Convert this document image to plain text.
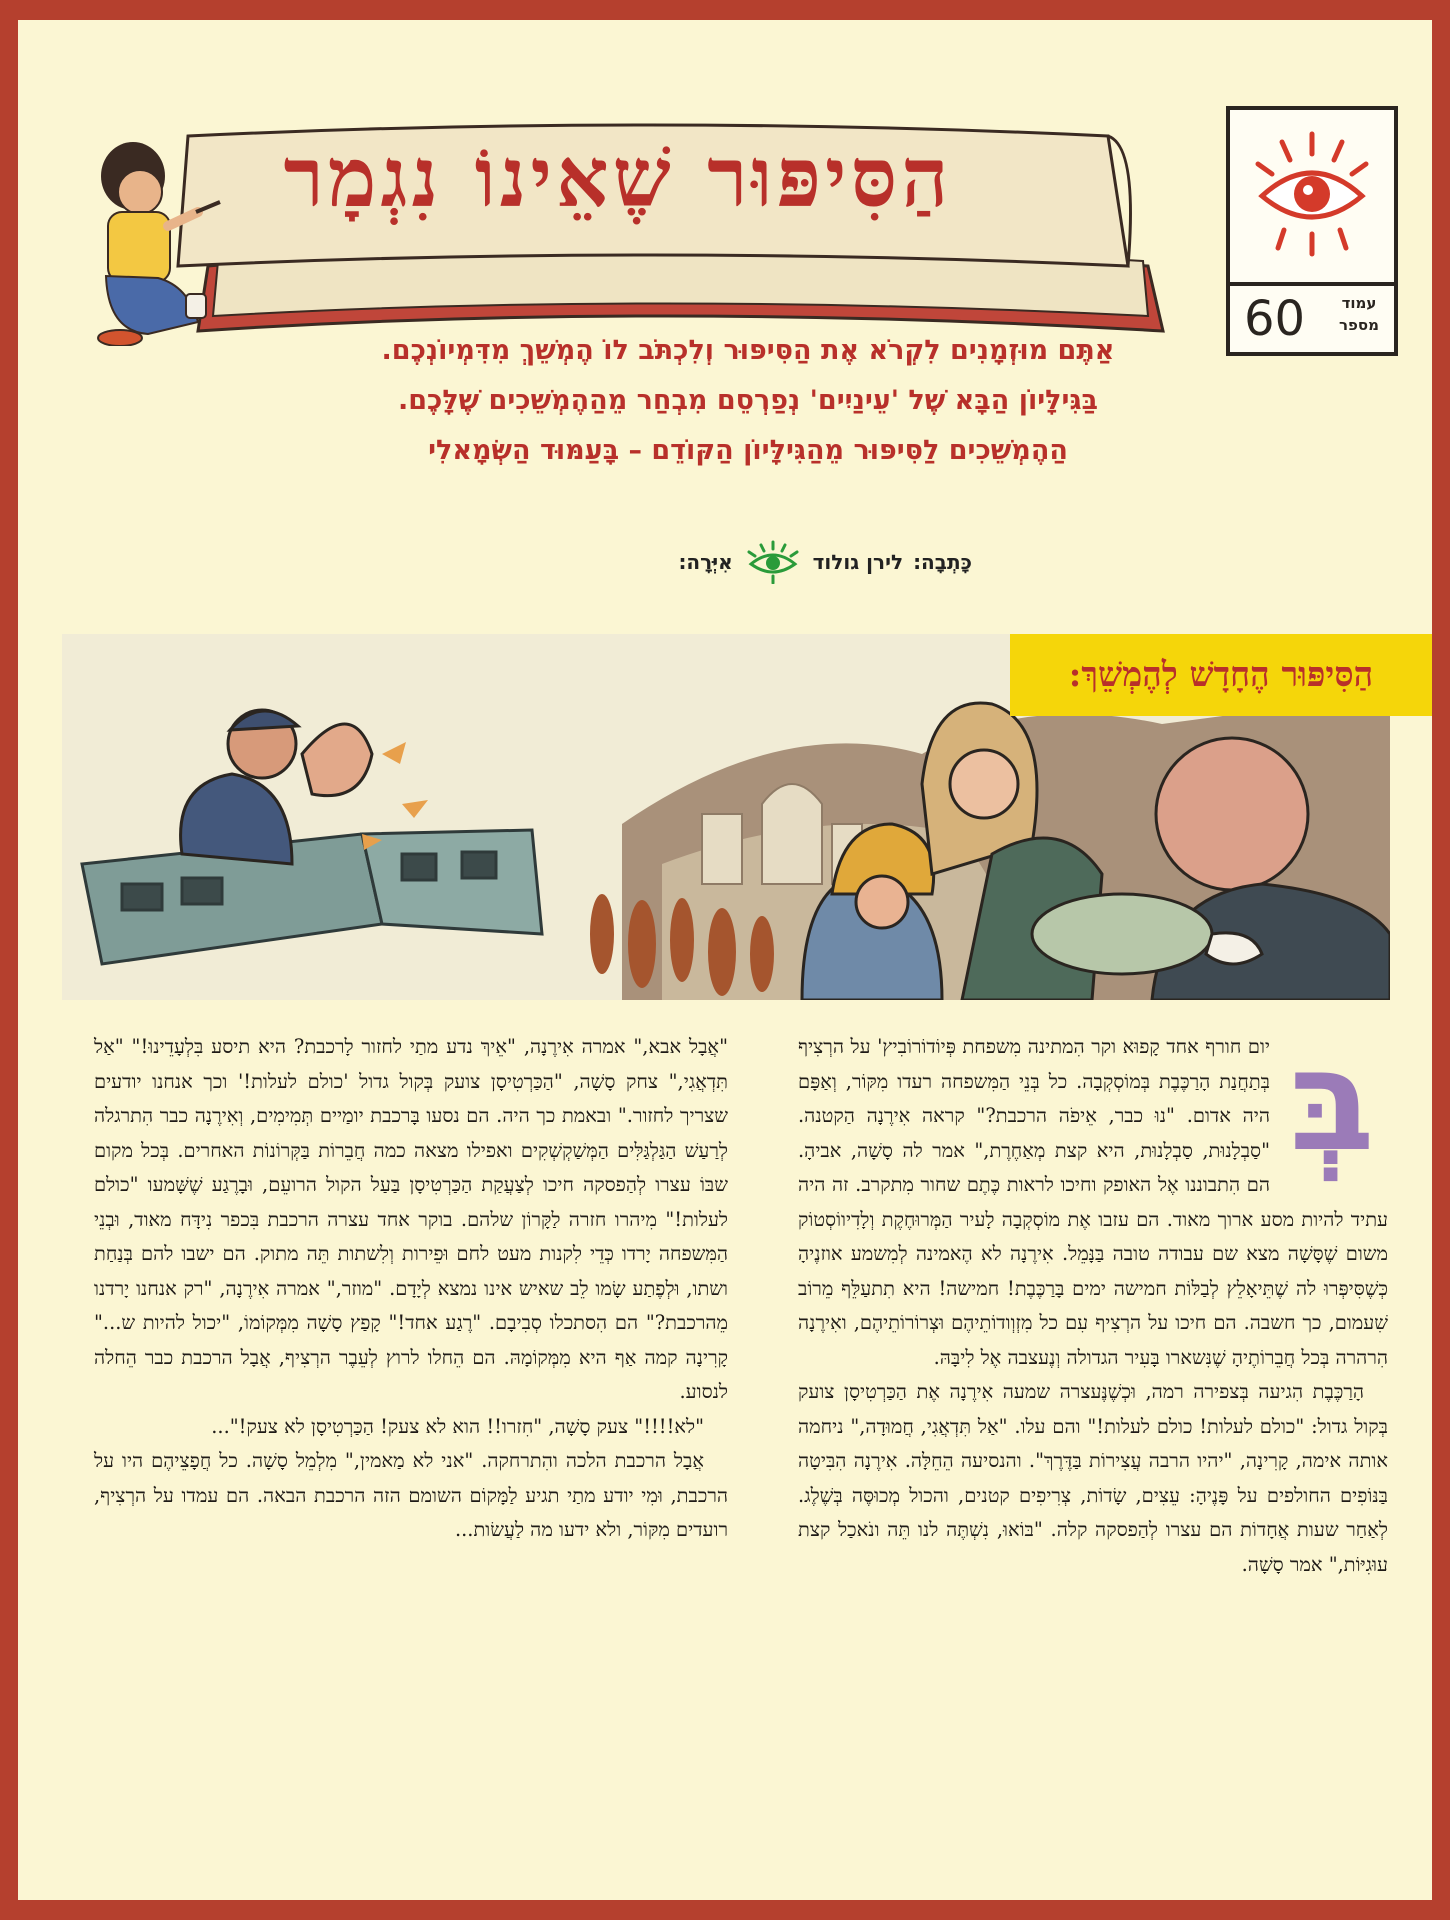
הַסִּיפּוּר שֶׁאֵינוֹ נִגְמָר
עמוד מספר
60
אַתֶּם מוּזְמָנִים לִקְרֹא אֶת הַסִּיפּוּר וְלִכְתֹּב לוֹ הֶמְשֵׁךְ מִדִּמְיוֹנְכֶם.
בַּגִּילָּיוֹן הַבָּא שֶׁל 'עֵינַיִים' נְפַרְסֵם מִבְחַר מֵהַהֶמְשֵׁכִים שֶׁלָּכֶם.
הַהֶמְשֵׁכִים לַסִּיפּוּר מֵהַגִּילָּיוֹן הַקּוֹדֵם – בָּעַמּוּד הַשְּׂמָאלִי
כָּתְבָה:
לירן גולוד
אִיְּרָה:
הַסִּיפּוּר הֶחָדָשׁ לְהֶמְשֵׁךְ:

בְּ
יום חורף אחד קָפוּא וקר הִמתינה מִשפחת פְּיוֹדוֹרוֹבִיץ' על הרְצִיף בְּתַחֲנַת הָרַכֶּבֶת בְּמוֹסְקְבָה. כל בְּנֵי הַמִּשפחה רעדו מִקּוֹר, וְאַפָּם היה אדום. "נוּ כבר, אֵיפֹה הרכבת?" קראה אִירֶנָה הַקטנה. "סַבְלָנוּת, סַבְלָנוּת, היא קצת מְאַחֶרֶת," אמר לה סָשָׁה, אביהָ. הם הִתבוננו אֶל האופק וחיכו לראות כֶּתֶם שחור מִתקרב. זה היה עתיד להיות מסע ארוך מאוד. הם עזבו אֶת מוֹסְקְבָה לָעיר הַמְּרוּחֶקֶת וְלָדִיווֹסְטוֹק משום שֶׁסָּשָׁה מצא שם עבודה טובה בַּנָּמֵל. אִירֶנָה לא הֶאמינה לְמִשמע אוזנֶיהָ כְּשֶׁסִּיפְּרוּ לה שֶׁתֵּיאָלֵץ לְבַלּוֹת חמישה ימים בָּרַכֶּבֶת! חמישה! היא תִתעַלֵּף מֵרוֹב שִׁעמום, כך חשבה. הם חיכו על הרְצִיף עִם כל מִזְוְודוֹתֵיהֶם וּצְרוֹרוֹתֵיהֶם, ואִירֶנָה הִרהרה בְּכל חֲבֵרוֹתֶיהָ שֶׁנִּשארו בָּעִיר הגדולה וְנֶעצבה אֶל לִיבָּהּ.

הָרַכֶּבֶת הִגיעה בְּצפירה רמה, וּכְשֶׁנֶּעצרה שמעה אִירֶנָה אֶת הַכַּרְטִיסָן צועק בְּקול גדול: "כולם לעלות! כולם לעלות!" והם עלו. "אַל תִּדְאֲגִי, חֲמוּדָה," ניחמה אותה אימה, קָרִינָה, "יהיו הרבה עֲצִירוֹת בַּדֶּרֶךְ". והנסיעה הֵחֵלָּה. אִירֶנָה הִבִּיטָה בַּנּוֹפִים החולפים על פָּנֶיהָ: עֵצִים, שָׂדוֹת, צְרִיפִים קטנים, והכול מְכוּסֶּה בְּשֶׁלֶג. לְאַחַר שעות אֲחָדוֹת הם עצרו לְהַפסקה קלה. "בּוֹאוּ, נִשְׁתֶּה לנו תֵּה ונֹאכַל קצת עוּגִיּוֹת," אמר סָשָׁה.

"אֲבָל אבא," אמרה אִירֶנָה, "אֵיךְ נדע מתַי לחזור לָרכבת? היא תיסע בִּלְעָדֵינוּ!" "אַל תִּדְאֲגִי," צחק סָשָׁה, "הַכַּרְטִיסָן צועק בְּקול גדול 'כולם לעלות!' וכך אנחנו יודעים שצריך לחזור." ובאמת כך היה. הם נסעו בָּרכבת יומַיים תְּמִימִים, וְאִירֶנָה כבר הִתרגלה לְרַעַשׁ הַגַּלְגַּלִּים הַמְּשַׁקְשְׁקִים ואפילו מצאה כמה חֲבֵרוֹת בַּקְּרוֹנוֹת האחרים. בְּכל מקום שבּוֹ עצרו לְהַפסקה חיכו לְצַעֲקַת הַכַּרְטִיסָן בַּעַל הקול הרועֵם, וּבָרֶגַע שֶׁשָּׁמעו "כולם לעלות!" מִיהרו חזרה לַקָּרוֹן שלהם. בוקר אחד עצרה הרכבת בִּכפר נִידָּח מאוד, וּבְנֵי הַמִּשפחה יָרדו כְּדֵי לִקנות מעט לחם וּפֵירות וְלִשתות תֵּה מתוק. הם ישבו להם בְּנַחַת ושתו, וּלְפֶתַע שָׂמו לֵב שאיש אינו נמצא לְיָדָם. "מוזר," אמרה אִירֶנָה, "רק אנחנו יָרדנו מֵהרכבת?" הם הִסתכלו סְבִיבָם. "רֶגַע אחד!" קָפַץ סָשָׁה מִמְּקוֹמוֹ, "יכול להיות ש..." קָרִינָה קמה אַף היא מִמְּקוֹמָהּ. הם הֵחלו לרוץ לְעֵבֶר הרְצִיף, אֲבָל הרכבת כבר הֵחלה לנסוע.

"לא!!!!" צעק סָשָׁה, "חִזרו!! הוא לא צעק! הַכַּרְטִיסָן לא צעק!"...

אֲבָל הרכבת הלכה והִתרחקה. "אני לא מַאמין," מִלְמֵל סָשָׁה. כל חֲפָצֵיהֶם היו על הרכבת, וּמִי יודע מתַי תגיע לַמָּקוֹם השומם הזה הרכבת הבאה. הם עמדו על הרְצִיף, רועדים מִקּוֹר, ולא ידעו מה לַעֲשׂות...
